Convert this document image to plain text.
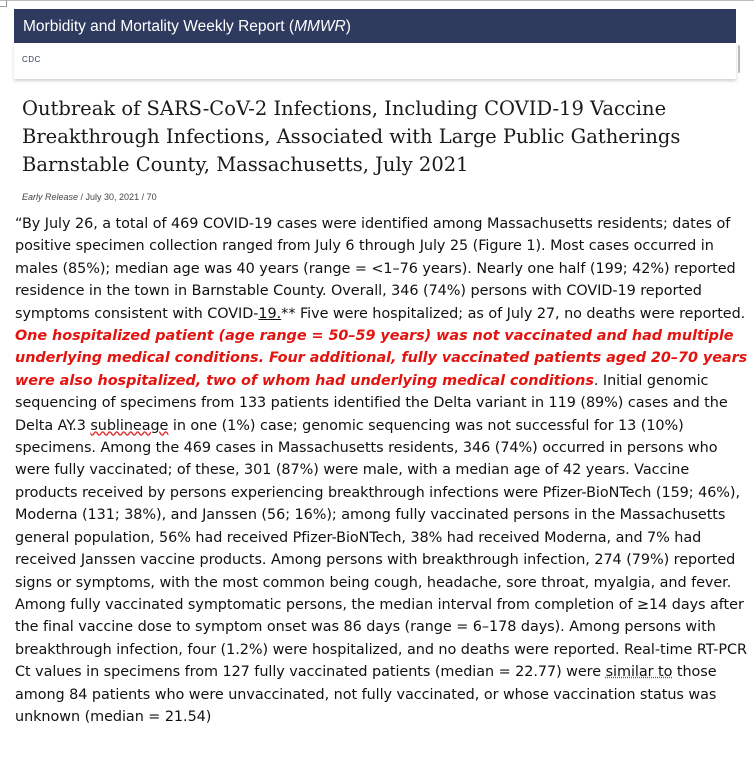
Morbidity and Mortality Weekly Report (MMWR)
CDC
Outbreak of SARS-CoV-2 Infections, Including COVID-19 Vaccine Breakthrough Infections, Associated with Large Public Gatherings Barnstable County, Massachusetts, July 2021
Early Release / July 30, 2021 / 70
“By July 26, a total of 469 COVID-19 cases were identified among Massachusetts residents; dates of positive specimen collection ranged from July 6 through July 25 (Figure 1). Most cases occurred in males (85%); median age was 40 years (range = <1–76 years). Nearly one half (199; 42%) reported residence in the town in Barnstable County. Overall, 346 (74%) persons with COVID-19 reported symptoms consistent with COVID-19.** Five were hospitalized; as of July 27, no deaths were reported. One hospitalized patient (age range = 50–59 years) was not vaccinated and had multiple underlying medical conditions. Four additional, fully vaccinated patients aged 20–70 years were also hospitalized, two of whom had underlying medical conditions. Initial genomic sequencing of specimens from 133 patients identified the Delta variant in 119 (89%) cases and the Delta AY.3 sublineage in one (1%) case; genomic sequencing was not successful for 13 (10%) specimens. Among the 469 cases in Massachusetts residents, 346 (74%) occurred in persons who were fully vaccinated; of these, 301 (87%) were male, with a median age of 42 years. Vaccine products received by persons experiencing breakthrough infections were Pfizer-BioNTech (159; 46%), Moderna (131; 38%), and Janssen (56; 16%); among fully vaccinated persons in the Massachusetts general population, 56% had received Pfizer-BioNTech, 38% had received Moderna, and 7% had received Janssen vaccine products. Among persons with breakthrough infection, 274 (79%) reported signs or symptoms, with the most common being cough, headache, sore throat, myalgia, and fever. Among fully vaccinated symptomatic persons, the median interval from completion of ≥14 days after the final vaccine dose to symptom onset was 86 days (range = 6–178 days). Among persons with breakthrough infection, four (1.2%) were hospitalized, and no deaths were reported. Real-time RT-PCR Ct values in specimens from 127 fully vaccinated patients (median = 22.77) were similar to those among 84 patients who were unvaccinated, not fully vaccinated, or whose vaccination status was unknown (median = 21.54)
